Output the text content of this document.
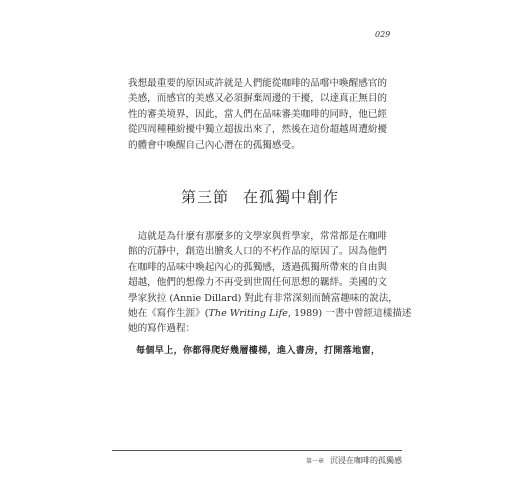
029
我想最重要的原因或許就是人們能從咖啡的品嚐中喚醒感官的
美感，而感官的美感又必須摒棄周邊的干擾，以達真正無目的
性的審美境界，因此，當人們在品味審美咖啡的同時，他已經
從四周種種紛擾中獨立超拔出來了，然後在這份超越周遭紛擾
的體會中喚醒自己內心潛在的孤獨感受。
第三節 在孤獨中創作
　這就是為什麼有那麼多的文學家與哲學家，常常都是在咖啡
館的沉靜中，創造出膾炙人口的不朽作品的原因了。因為他們
在咖啡的品味中喚起內心的孤獨感，透過孤獨所帶來的自由與
超越，他們的想像力不再受到世間任何思想的羈絆。美國的文
學家狄拉 (Annie Dillard) 對此有非常深刻而饒富趣味的說法，
她在《寫作生涯》(The Writing Life, 1989) 一書中曾經這樣描述
她的寫作過程：
每個早上，你都得爬好幾層樓梯，進入書房，打開落地窗，
第一章 沉浸在咖啡的孤獨感
